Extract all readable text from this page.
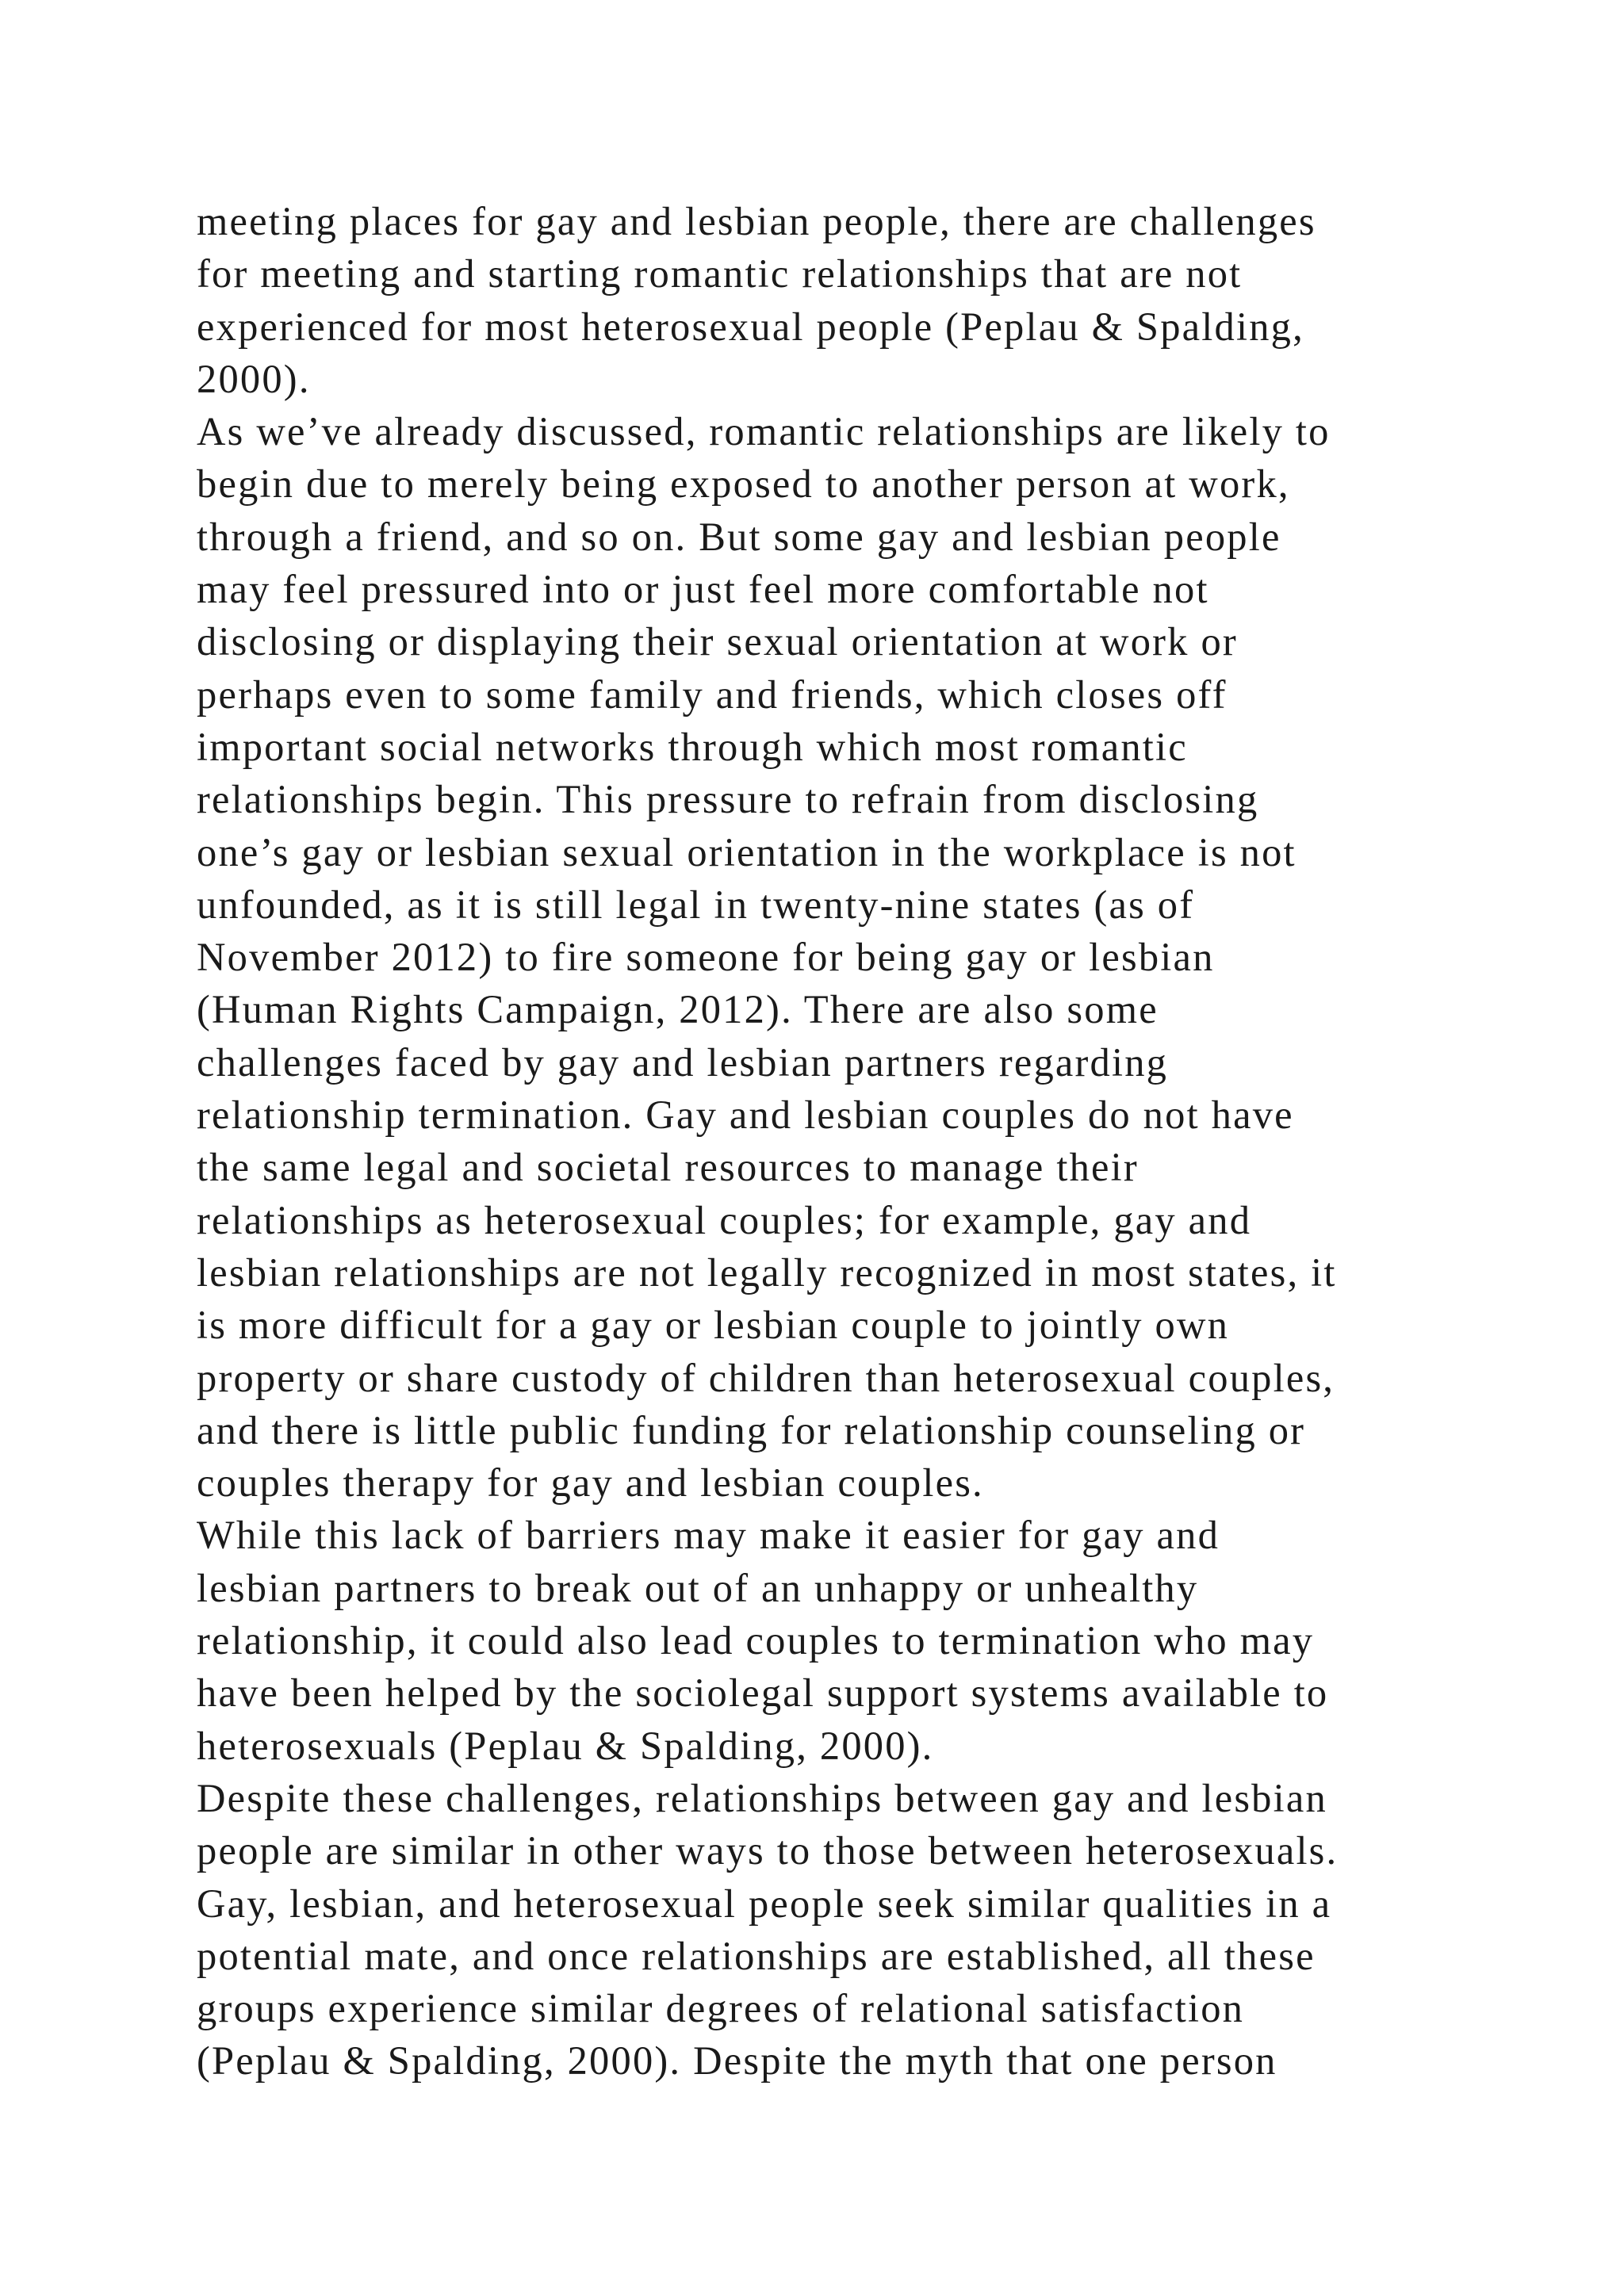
meeting places for gay and lesbian people, there are challenges
for meeting and starting romantic relationships that are not
experienced for most heterosexual people (Peplau & Spalding,
2000).
As we’ve already discussed, romantic relationships are likely to
begin due to merely being exposed to another person at work,
through a friend, and so on. But some gay and lesbian people
may feel pressured into or just feel more comfortable not
disclosing or displaying their sexual orientation at work or
perhaps even to some family and friends, which closes off
important social networks through which most romantic
relationships begin. This pressure to refrain from disclosing
one’s gay or lesbian sexual orientation in the workplace is not
unfounded, as it is still legal in twenty-nine states (as of
November 2012) to fire someone for being gay or lesbian
(Human Rights Campaign, 2012). There are also some
challenges faced by gay and lesbian partners regarding
relationship termination. Gay and lesbian couples do not have
the same legal and societal resources to manage their
relationships as heterosexual couples; for example, gay and
lesbian relationships are not legally recognized in most states, it
is more difficult for a gay or lesbian couple to jointly own
property or share custody of children than heterosexual couples,
and there is little public funding for relationship counseling or
couples therapy for gay and lesbian couples.
While this lack of barriers may make it easier for gay and
lesbian partners to break out of an unhappy or unhealthy
relationship, it could also lead couples to termination who may
have been helped by the sociolegal support systems available to
heterosexuals (Peplau & Spalding, 2000).
Despite these challenges, relationships between gay and lesbian
people are similar in other ways to those between heterosexuals.
Gay, lesbian, and heterosexual people seek similar qualities in a
potential mate, and once relationships are established, all these
groups experience similar degrees of relational satisfaction
(Peplau & Spalding, 2000). Despite the myth that one person
